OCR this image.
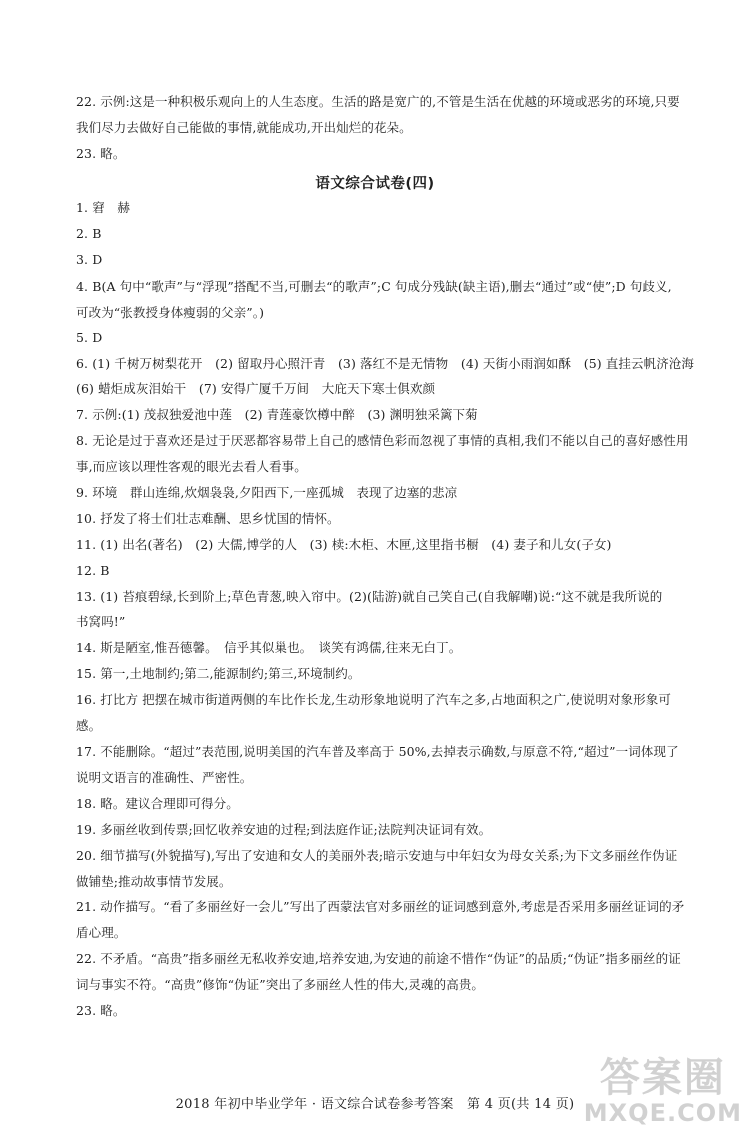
22. 示例:这是一种积极乐观向上的人生态度。生活的路是宽广的,不管是生活在优越的环境或恶劣的环境,只要
我们尽力去做好自己能做的事情,就能成功,开出灿烂的花朵。
23. 略。
语文综合试卷(四)
1. 窘　赫
2. B
3. D
4. B(A 句中“歌声”与“浮现”搭配不当,可删去“的歌声”;C 句成分残缺(缺主语),删去“通过”或“使”;D 句歧义,
可改为“张教授身体瘦弱的父亲”。)
5. D
6. (1) 千树万树梨花开　(2) 留取丹心照汗青　(3) 落红不是无情物　(4) 天街小雨润如酥　(5) 直挂云帆济沧海
(6) 蜡炬成灰泪始干　(7) 安得广厦千万间　大庇天下寒士俱欢颜
7. 示例:(1) 茂叔独爱池中莲　(2) 青莲豪饮樽中醉　(3) 渊明独采篱下菊
8. 无论是过于喜欢还是过于厌恶都容易带上自己的感情色彩而忽视了事情的真相,我们不能以自己的喜好感性用
事,而应该以理性客观的眼光去看人看事。
9. 环境　群山连绵,炊烟袅袅,夕阳西下,一座孤城　表现了边塞的悲凉
10. 抒发了将士们壮志难酬、思乡忧国的情怀。
11. (1) 出名(著名)　(2) 大儒,博学的人　(3) 椟:木柜、木匣,这里指书橱　(4) 妻子和儿女(子女)
12. B
13. (1) 苔痕碧绿,长到阶上;草色青葱,映入帘中。(2)(陆游)就自己笑自己(自我解嘲)说:“这不就是我所说的
书窝吗!”
14. 斯是陋室,惟吾德馨。　信乎其似巢也。　谈笑有鸿儒,往来无白丁。
15. 第一,土地制约;第二,能源制约;第三,环境制约。
16. 打比方 把摆在城市街道两侧的车比作长龙,生动形象地说明了汽车之多,占地面积之广,使说明对象形象可
感。
17. 不能删除。“超过”表范围,说明美国的汽车普及率高于 50%,去掉表示确数,与原意不符,“超过”一词体现了
说明文语言的准确性、严密性。
18. 略。建议合理即可得分。
19. 多丽丝收到传票;回忆收养安迪的过程;到法庭作证;法院判决证词有效。
20. 细节描写(外貌描写),写出了安迪和女人的美丽外表;暗示安迪与中年妇女为母女关系;为下文多丽丝作伪证
做铺垫;推动故事情节发展。
21. 动作描写。“看了多丽丝好一会儿”写出了西蒙法官对多丽丝的证词感到意外,考虑是否采用多丽丝证词的矛
盾心理。
22. 不矛盾。“高贵”指多丽丝无私收养安迪,培养安迪,为安迪的前途不惜作“伪证”的品质;“伪证”指多丽丝的证
词与事实不符。“高贵”修饰“伪证”突出了多丽丝人性的伟大,灵魂的高贵。
23. 略。
2018 年初中毕业学年 · 语文综合试卷参考答案　第 4 页(共 14 页)
答案圈
MXQE.COM
